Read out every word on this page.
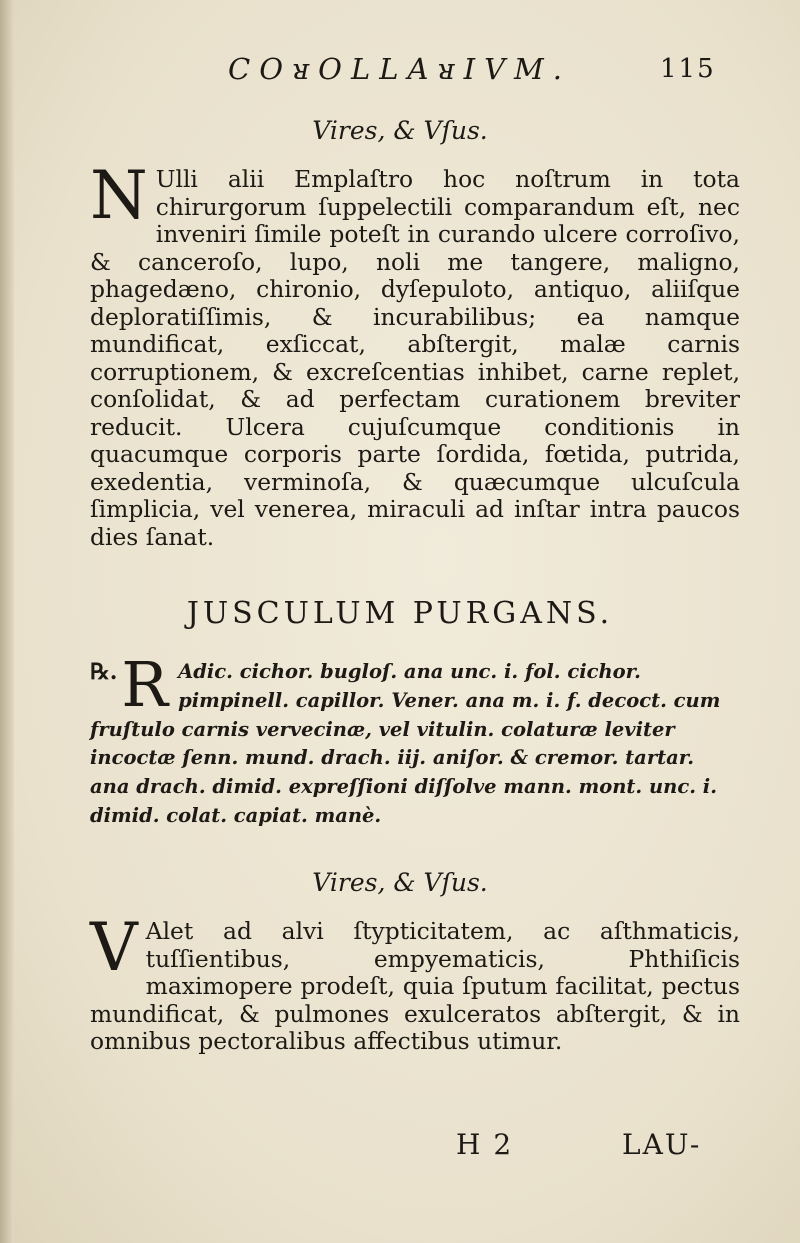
COᴚOLLAᴚIVM.	115
Vires, & Vſus.
N Ulli alii Emplaſtro hoc noſtrum in tota chirurgorum ſuppelectili comparandum eſt, nec inveniri ſimile poteſt in curando ulcere corroſivo, & canceroſo, lupo, noli me tangere, maligno, phagedæno, chironio, dyſepuloto, antiquo, aliiſque deploratiſſimis, & incurabilibus; ea namque mundificat, exſiccat, abſtergit, malæ carnis corruptionem, & excreſcentias inhibet, carne replet, conſolidat, & ad perfectam curationem breviter reducit. Ulcera cujuſcumque conditionis in quacumque corporis parte ſordida, fœtida, putrida, exedentia, verminoſa, & quæcumque ulcuſcula ſimplicia, vel venerea, miraculi ad inſtar intra paucos dies ſanat.
JUSCULUM PURGANS.
℞. R Adic. cichor. bugloſ. ana unc. i. fol. cichor. pimpinell. capillor. Vener. ana m. i. f. decoct. cum fruſtulo carnis vervecinæ, vel vitulin. colaturæ leviter incoctæ ſenn. mund. drach. iij. aniſor. & cremor. tartar. ana drach. dimid. expreſſioni diſſolve mann. mont. unc. i. dimid. colat. capiat. manè.
Vires, & Vſus.
V Alet ad alvi ſtypticitatem, ac aſthmaticis, tuſſientibus, empyematicis, Phthiſicis maximopere prodeſt, quia ſputum facilitat, pectus mundificat, & pulmones exulceratos abſtergit, & in omnibus pectoralibus affectibus utimur.
H 2	LAU-
